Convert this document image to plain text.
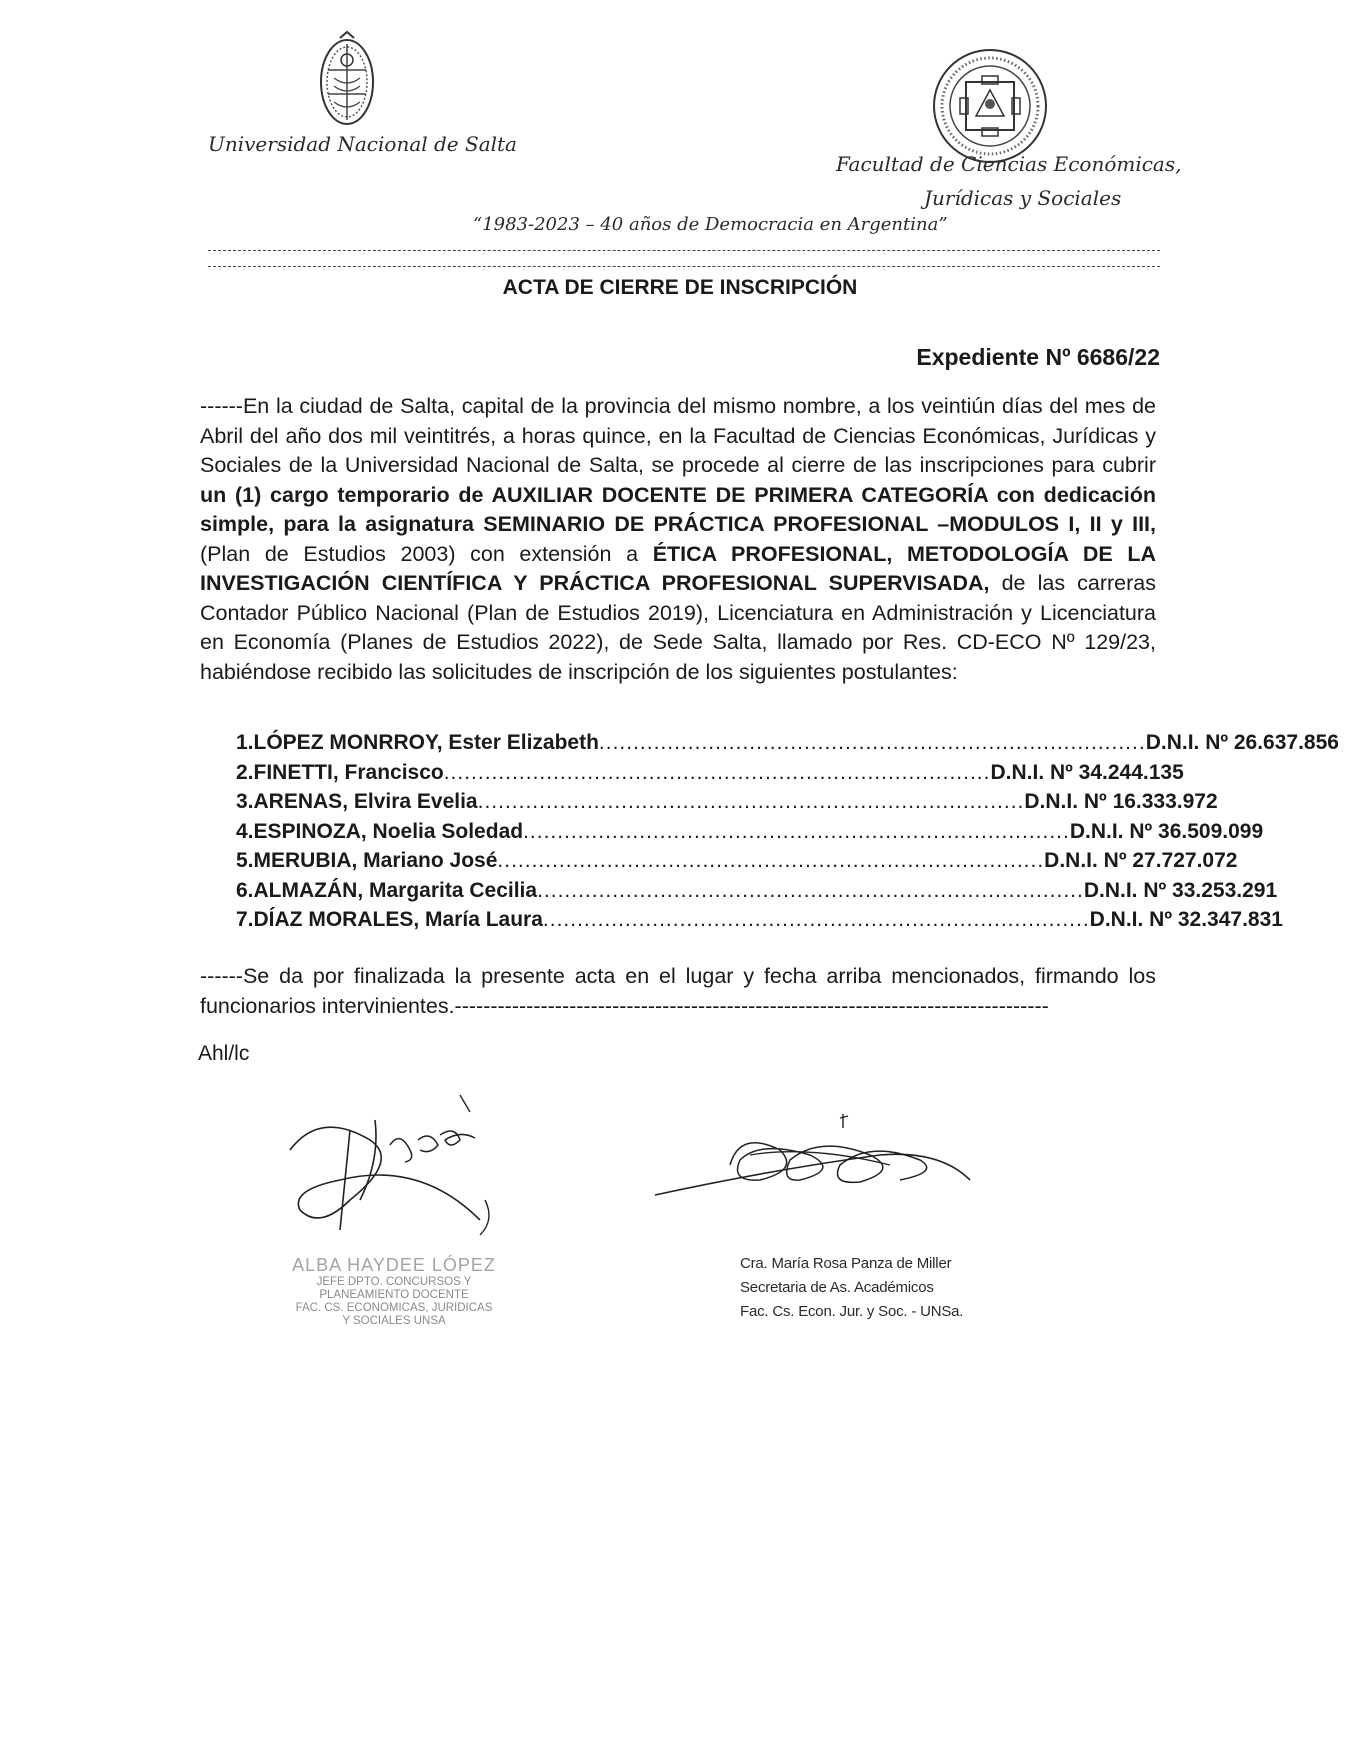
Universidad Nacional de Salta
Facultad de Ciencias Económicas,
Jurídicas y Sociales
“1983-2023 – 40 años de Democracia en Argentina”
ACTA DE CIERRE DE INSCRIPCIÓN
Expediente Nº 6686/22
------En la ciudad de Salta, capital de la provincia del mismo nombre, a los veintiún días del mes de Abril del año dos mil veintitrés, a horas quince, en la Facultad de Ciencias Económicas, Jurídicas y Sociales de la Universidad Nacional de Salta, se procede al cierre de las inscripciones para cubrir un (1) cargo temporario de AUXILIAR DOCENTE DE PRIMERA CATEGORÍA con dedicación simple, para la asignatura SEMINARIO DE PRÁCTICA PROFESIONAL –MODULOS I, II y III, (Plan de Estudios 2003) con extensión a ÉTICA PROFESIONAL, METODOLOGÍA DE LA INVESTIGACIÓN CIENTÍFICA Y PRÁCTICA PROFESIONAL SUPERVISADA, de las carreras Contador Público Nacional (Plan de Estudios 2019), Licenciatura en Administración y Licenciatura en Economía (Planes de Estudios 2022), de Sede Salta, llamado por Res. CD-ECO Nº 129/23, habiéndose recibido las solicitudes de inscripción de los siguientes postulantes:
1. LÓPEZ MONRROY, Ester Elizabeth ................................................................................ D.N.I. Nº 26.637.856
2. FINETTI, Francisco ................................................................................ D.N.I. Nº 34.244.135
3. ARENAS, Elvira Evelia ................................................................................ D.N.I. Nº 16.333.972
4. ESPINOZA, Noelia Soledad ................................................................................ D.N.I. Nº 36.509.099
5. MERUBIA, Mariano José ................................................................................ D.N.I. Nº 27.727.072
6. ALMAZÁN, Margarita Cecilia ................................................................................ D.N.I. Nº 33.253.291
7. DÍAZ MORALES, María Laura ................................................................................ D.N.I. Nº 32.347.831
------Se da por finalizada la presente acta en el lugar y fecha arriba mencionados, firmando los funcionarios intervinientes.-----------------------------------------------------------------------------------
Ahl/lc
ALBA HAYDEE LÓPEZ
JEFE DPTO. CONCURSOS Y
PLANEAMIENTO DOCENTE
FAC. CS. ECONOMICAS, JURIDICAS
Y SOCIALES UNSA
Cra. María Rosa Panza de Miller
Secretaria de As. Académicos
Fac. Cs. Econ. Jur. y Soc. - UNSa.
